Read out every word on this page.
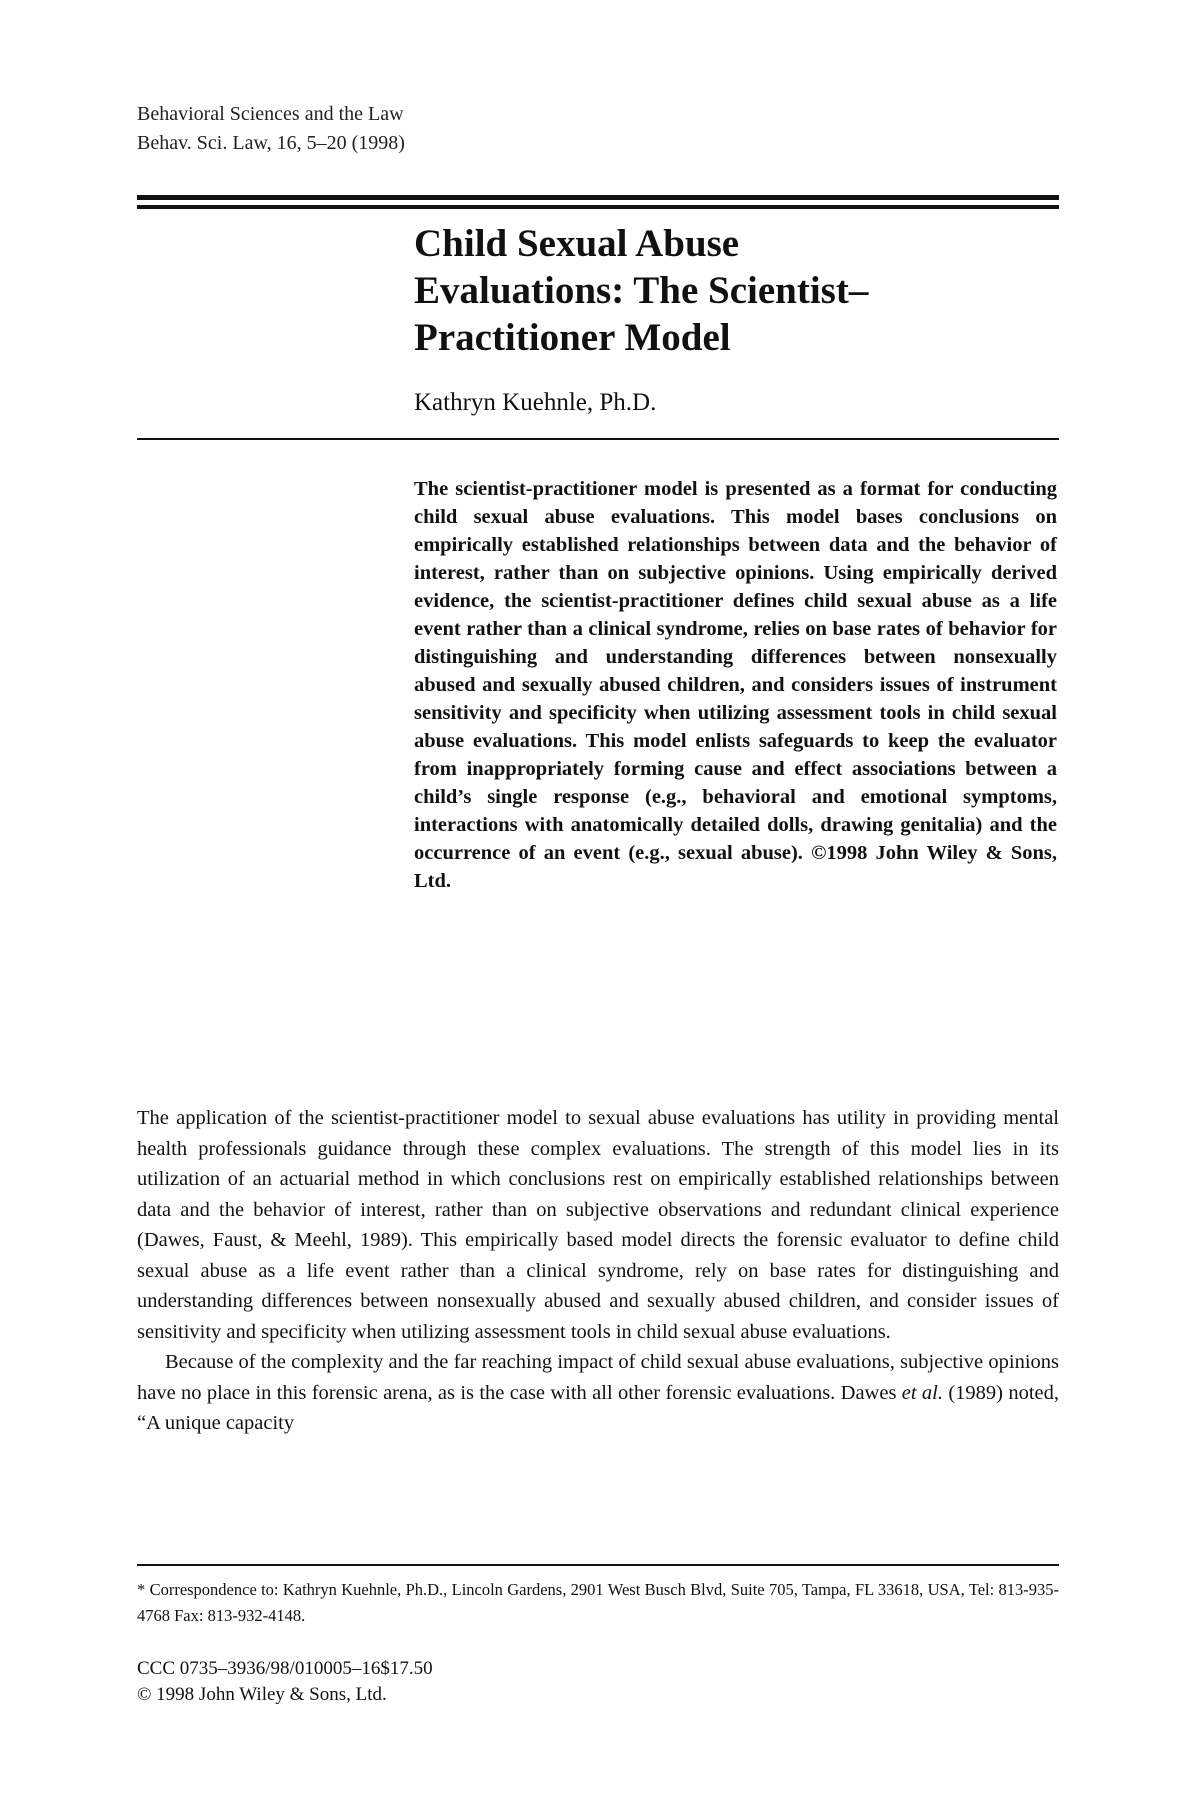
Behavioral Sciences and the Law
Behav. Sci. Law, 16, 5–20 (1998)
Child Sexual Abuse
Evaluations: The Scientist–
Practitioner Model
Kathryn Kuehnle, Ph.D.

The scientist-practitioner model is presented as a format for conducting child sexual abuse evaluations. This model bases conclusions on empirically established relationships between data and the behavior of interest, rather than on subjective opinions. Using empirically derived evidence, the scientist-practitioner defines child sexual abuse as a life event rather than a clinical syndrome, relies on base rates of behavior for distinguishing and understanding differences between nonsexually abused and sexually abused children, and considers issues of instrument sensitivity and specificity when utilizing assessment tools in child sexual abuse evaluations. This model enlists safeguards to keep the evaluator from inappropriately forming cause and effect associations between a child’s single response (e.g., behavioral and emotional symptoms, interactions with anatomically detailed dolls, drawing genitalia) and the occurrence of an event (e.g., sexual abuse). ©1998 John Wiley & Sons, Ltd.

The application of the scientist-practitioner model to sexual abuse evaluations has utility in providing mental health professionals guidance through these complex evaluations. The strength of this model lies in its utilization of an actuarial method in which conclusions rest on empirically established relationships between data and the behavior of interest, rather than on subjective observations and redundant clinical experience (Dawes, Faust, & Meehl, 1989). This empirically based model directs the forensic evaluator to define child sexual abuse as a life event rather than a clinical syndrome, rely on base rates for distinguishing and understanding differences between nonsexually abused and sexually abused children, and consider issues of sensitivity and specificity when utilizing assessment tools in child sexual abuse evaluations.

Because of the complexity and the far reaching impact of child sexual abuse evaluations, subjective opinions have no place in this forensic arena, as is the case with all other forensic evaluations. Dawes et al. (1989) noted, “A unique capacity

* Correspondence to: Kathryn Kuehnle, Ph.D., Lincoln Gardens, 2901 West Busch Blvd, Suite 705, Tampa, FL 33618, USA, Tel: 813-935-4768 Fax: 813-932-4148.

CCC 0735–3936/98/010005–16$17.50
© 1998 John Wiley & Sons, Ltd.
